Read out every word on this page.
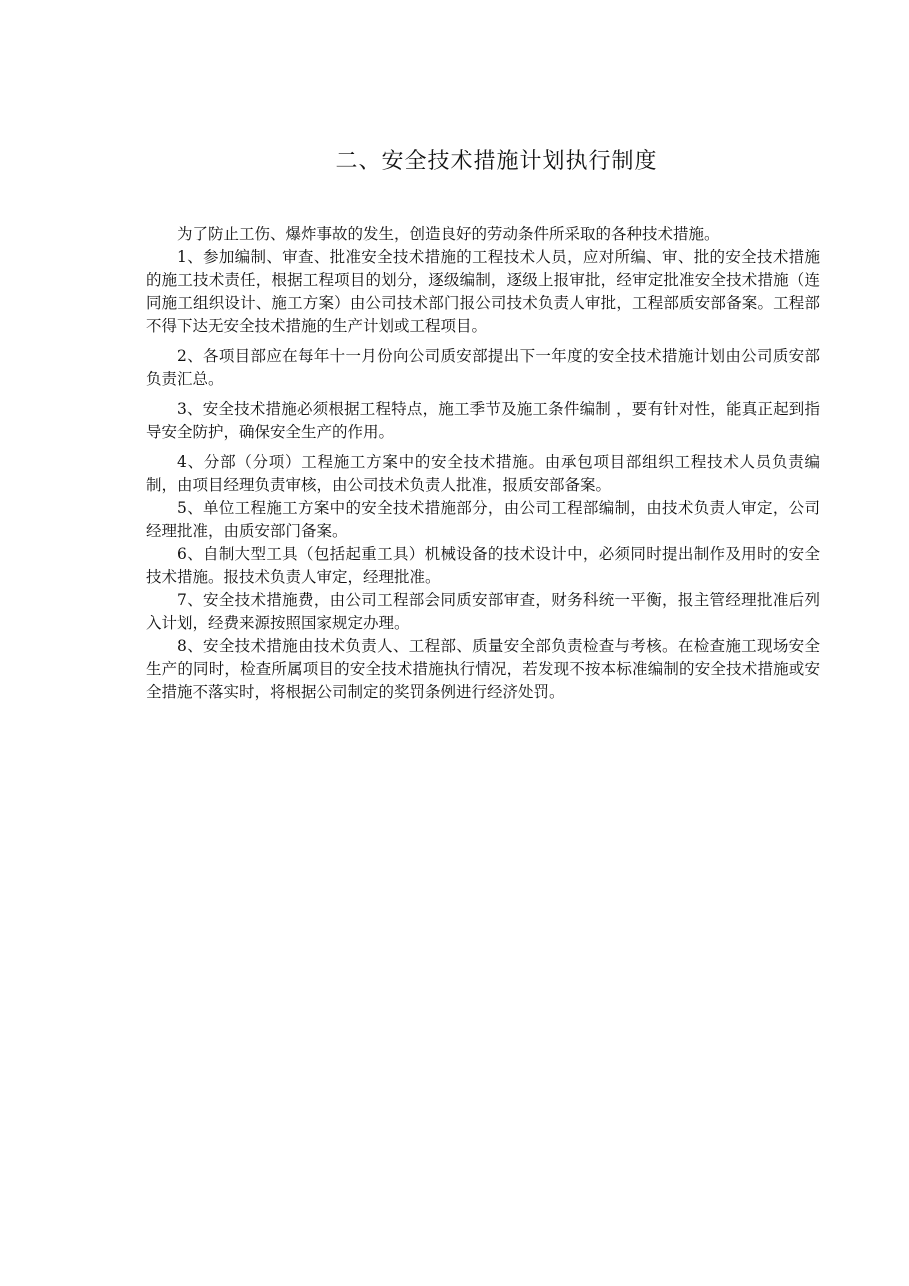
二、安全技术措施计划执行制度

为了防止工伤、爆炸事故的发生，创造良好的劳动条件所采取的各种技术措施。

1、参加编制、审查、批准安全技术措施的工程技术人员，应对所编、审、批的安全技术措施的施工技术责任，根据工程项目的划分，逐级编制，逐级上报审批，经审定批准安全技术措施（连同施工组织设计、施工方案）由公司技术部门报公司技术负责人审批，工程部质安部备案。工程部不得下达无安全技术措施的生产计划或工程项目。

2、各项目部应在每年十一月份向公司质安部提出下一年度的安全技术措施计划由公司质安部负责汇总。

3、安全技术措施必须根据工程特点，施工季节及施工条件编制 ，要有针对性，能真正起到指导安全防护，确保安全生产的作用。

4、分部（分项）工程施工方案中的安全技术措施。由承包项目部组织工程技术人员负责编制，由项目经理负责审核，由公司技术负责人批准，报质安部备案。

5、单位工程施工方案中的安全技术措施部分，由公司工程部编制，由技术负责人审定，公司经理批准，由质安部门备案。

6、自制大型工具（包括起重工具）机械设备的技术设计中，必须同时提出制作及用时的安全技术措施。报技术负责人审定，经理批准。

7、安全技术措施费，由公司工程部会同质安部审查，财务科统一平衡，报主管经理批准后列入计划，经费来源按照国家规定办理。

8、安全技术措施由技术负责人、工程部、质量安全部负责检查与考核。在检查施工现场安全生产的同时，检查所属项目的安全技术措施执行情况，若发现不按本标准编制的安全技术措施或安全措施不落实时，将根据公司制定的奖罚条例进行经济处罚。
